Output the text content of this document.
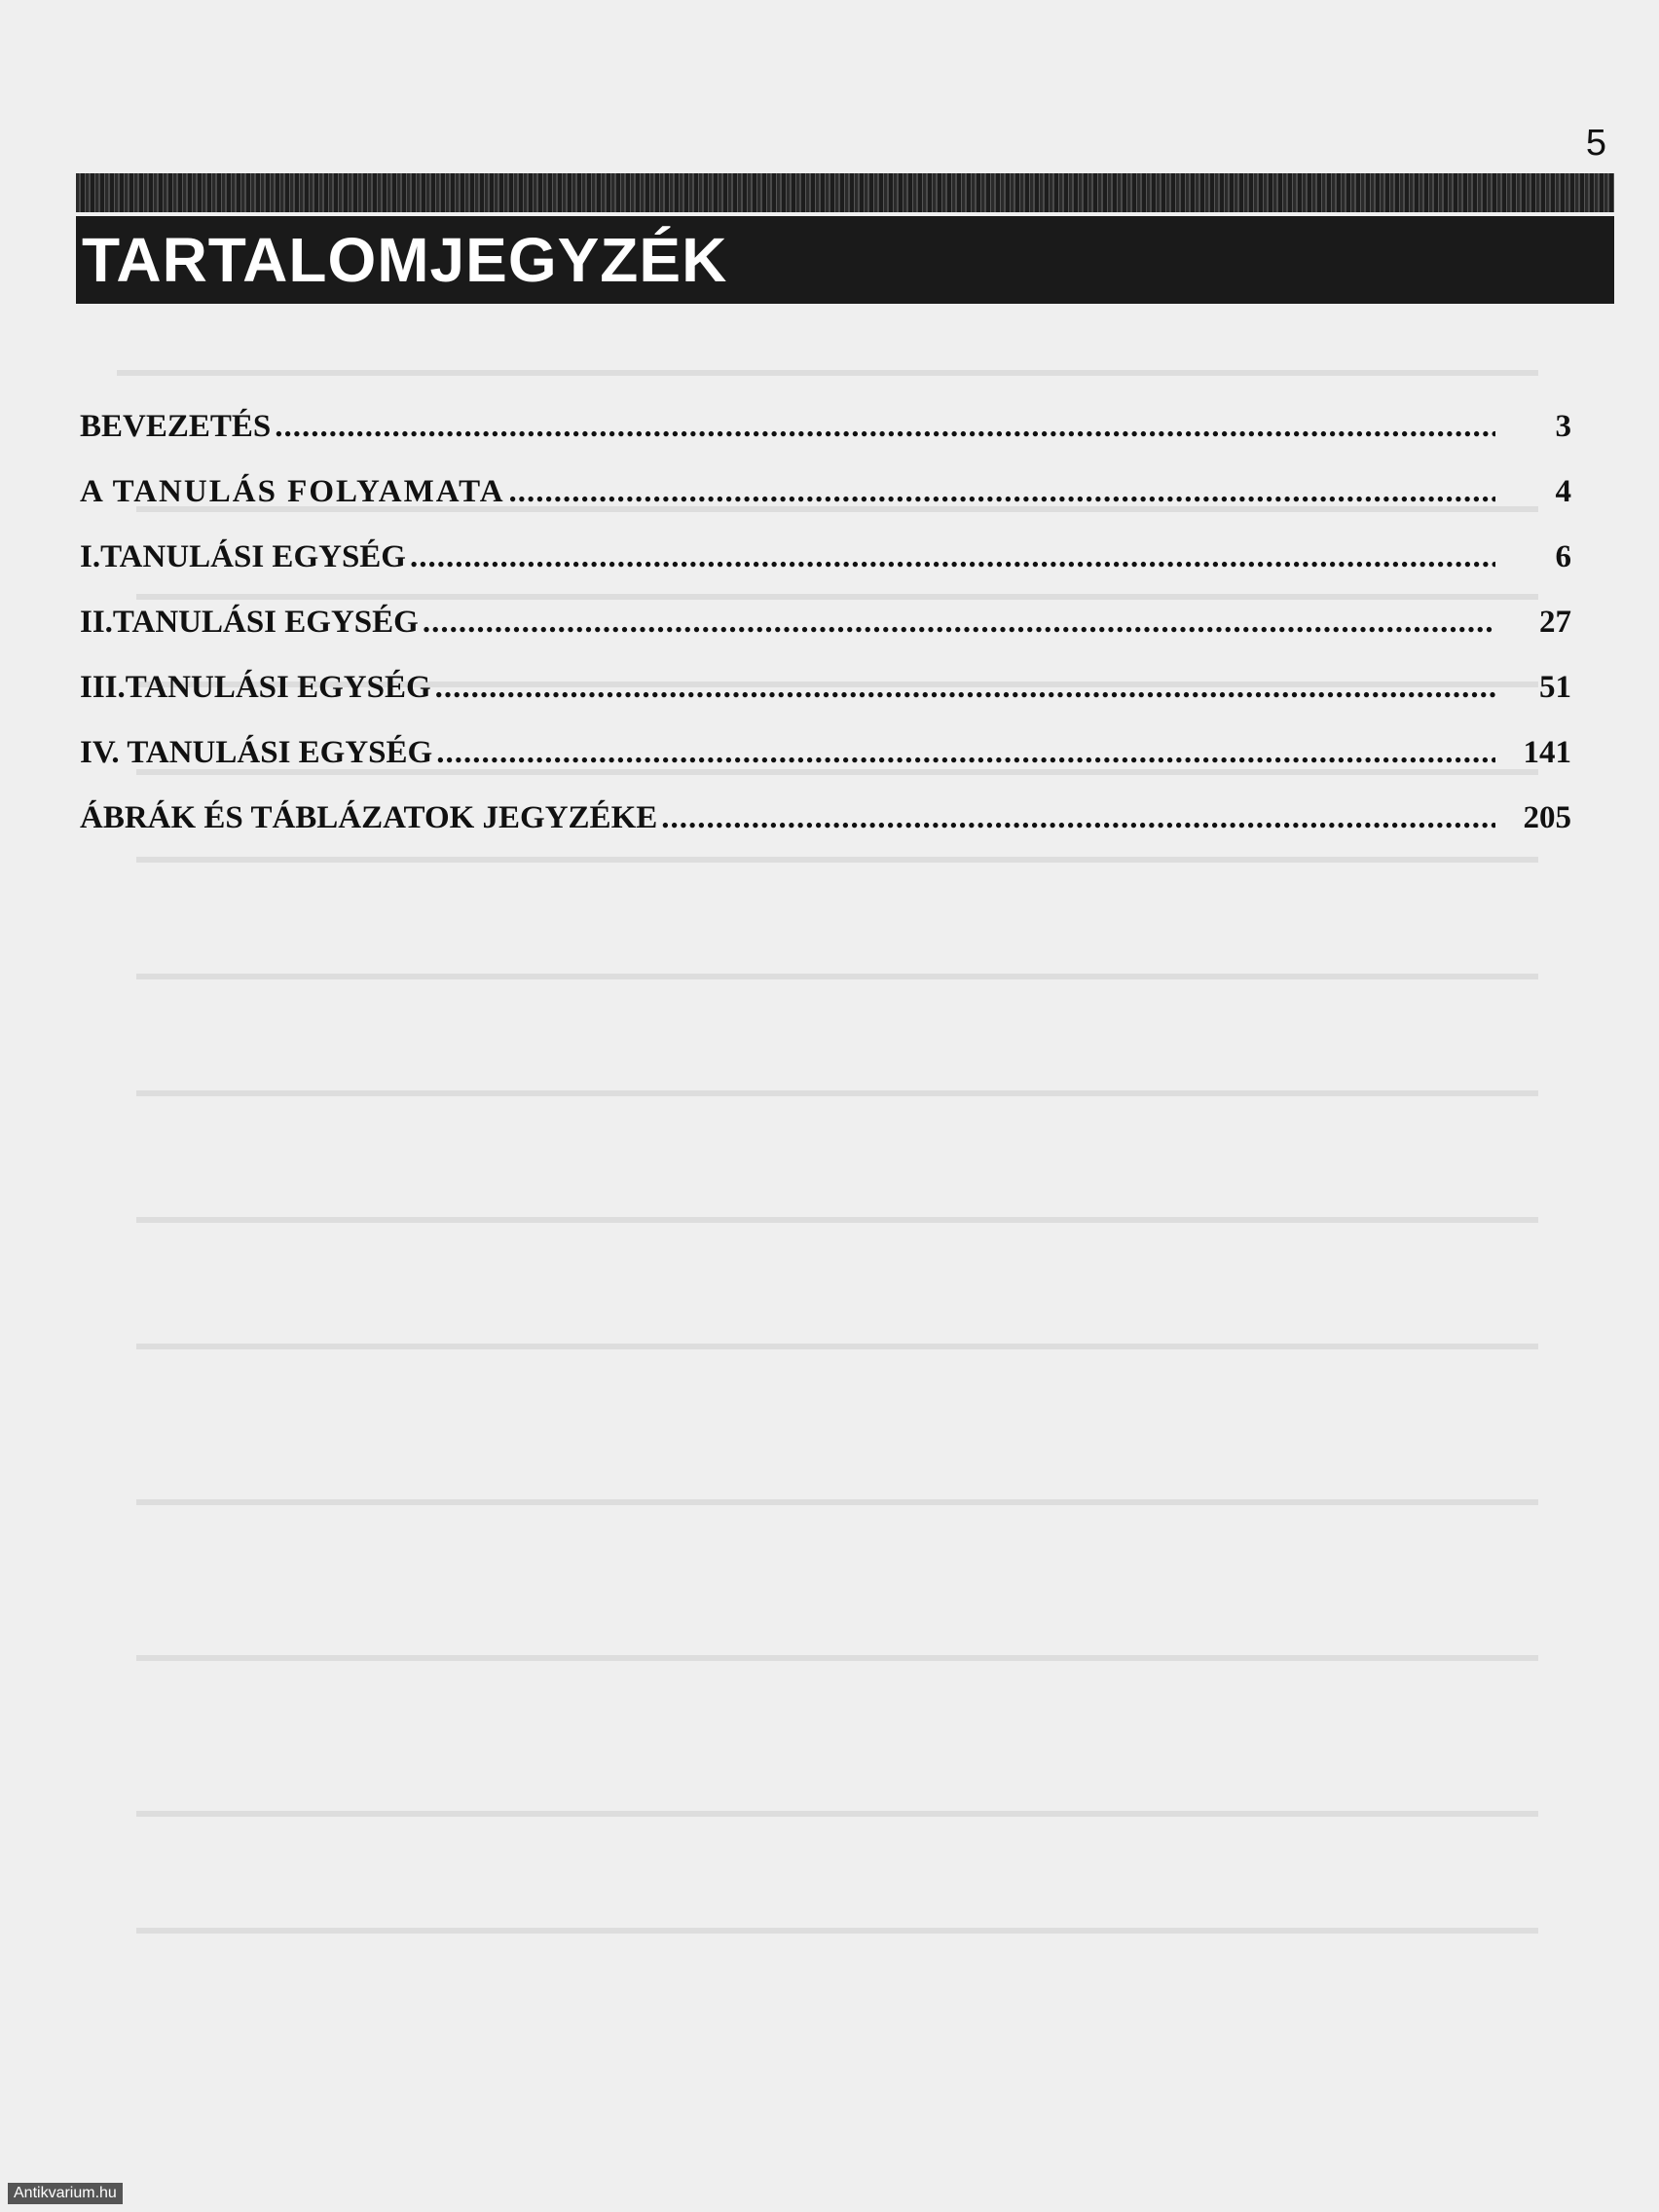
5
TARTALOMJEGYZÉK
BEVEZETÉS .....	3
A TANULÁS FOLYAMATA .....	4
I.TANULÁSI EGYSÉG .....	6
II.TANULÁSI EGYSÉG .....	27
III.TANULÁSI EGYSÉG .....	51
IV. TANULÁSI EGYSÉG .....	141
ÁBRÁK ÉS TÁBLÁZATOK JEGYZÉKE .....	205
Antikvarium.hu
